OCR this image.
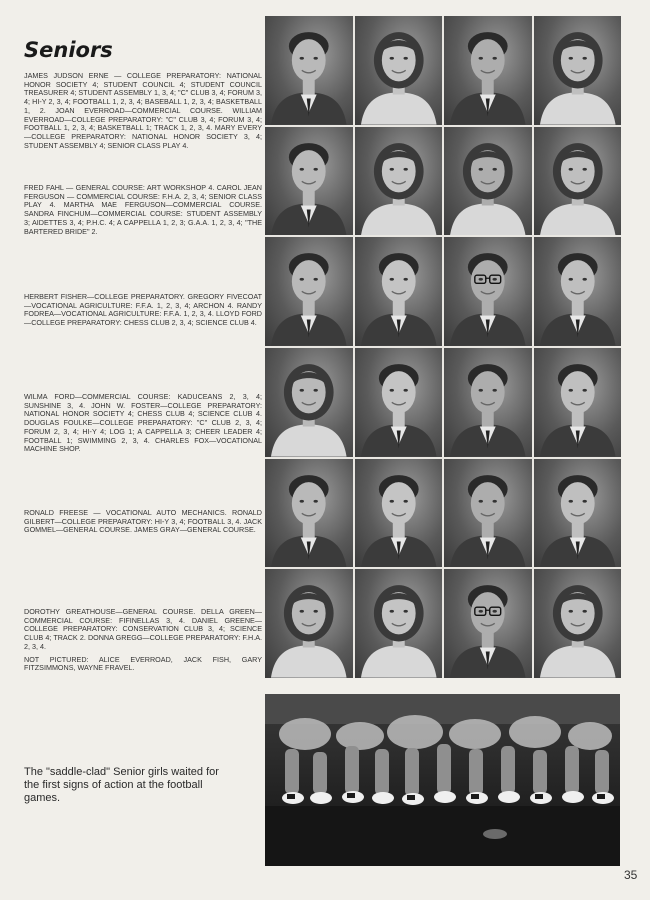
Seniors

JAMES JUDSON ERNE — COLLEGE PREPARATORY: NATIONAL HONOR SOCIETY 4; STUDENT COUNCIL 4; STUDENT COUNCIL TREASURER 4; STUDENT ASSEMBLY 1, 3, 4; "C" CLUB 3, 4; FORUM 3, 4; HI-Y 2, 3, 4; FOOTBALL 1, 2, 3, 4; BASEBALL 1, 2, 3, 4; BASKETBALL 1, 2. JOAN EVERROAD—COMMERCIAL COURSE. WILLIAM EVERROAD—COLLEGE PREPARATORY: "C" CLUB 3, 4; FORUM 3, 4; FOOTBALL 1, 2, 3, 4; BASKETBALL 1; TRACK 1, 2, 3, 4. MARY EVERY—COLLEGE PREPARATORY: NATIONAL HONOR SOCIETY 3, 4; STUDENT ASSEMBLY 4; SENIOR CLASS PLAY 4.

FRED FAHL — GENERAL COURSE: ART WORKSHOP 4. CAROL JEAN FERGUSON — COMMERCIAL COURSE: F.H.A. 2, 3, 4; SENIOR CLASS PLAY 4. MARTHA MAE FERGUSON—COMMERCIAL COURSE. SANDRA FINCHUM—COMMERCIAL COURSE: STUDENT ASSEMBLY 3; AIDETTES 3, 4; P.H.C. 4; A CAPPELLA 1, 2, 3; G.A.A. 1, 2, 3, 4; "THE BARTERED BRIDE" 2.

HERBERT FISHER—COLLEGE PREPARATORY. GREGORY FIVECOAT—VOCATIONAL AGRICULTURE: F.F.A. 1, 2, 3, 4; ARCHON 4. RANDY FODREA—VOCATIONAL AGRICULTURE: F.F.A. 1, 2, 3, 4. LLOYD FORD—COLLEGE PREPARATORY: CHESS CLUB 2, 3, 4; SCIENCE CLUB 4.

WILMA FORD—COMMERCIAL COURSE: KADUCEANS 2, 3, 4; SUNSHINE 3, 4. JOHN W. FOSTER—COLLEGE PREPARATORY: NATIONAL HONOR SOCIETY 4; CHESS CLUB 4; SCIENCE CLUB 4. DOUGLAS FOULKE—COLLEGE PREPARATORY: "C" CLUB 2, 3, 4; FORUM 2, 3, 4; HI-Y 4; LOG 1; A CAPPELLA 3; CHEER LEADER 4; FOOTBALL 1; SWIMMING 2, 3, 4. CHARLES FOX—VOCATIONAL MACHINE SHOP.

RONALD FREESE — VOCATIONAL AUTO MECHANICS. RONALD GILBERT—COLLEGE PREPARATORY: HI-Y 3, 4; FOOTBALL 3, 4. JACK GOMMEL—GENERAL COURSE. JAMES GRAY—GENERAL COURSE.

DOROTHY GREATHOUSE—GENERAL COURSE. DELLA GREEN—COMMERCIAL COURSE: FIFINELLAS 3, 4. DANIEL GREENE—COLLEGE PREPARATORY: CONSERVATION CLUB 3, 4; SCIENCE CLUB 4; TRACK 2. DONNA GREGG—COLLEGE PREPARATORY: F.H.A. 2, 3, 4.

NOT PICTURED: ALICE EVERROAD, JACK FISH, GARY FITZSIMMONS, WAYNE FRAVEL.

The "saddle-clad" Senior girls waited for the first signs of action at the football games.

35
